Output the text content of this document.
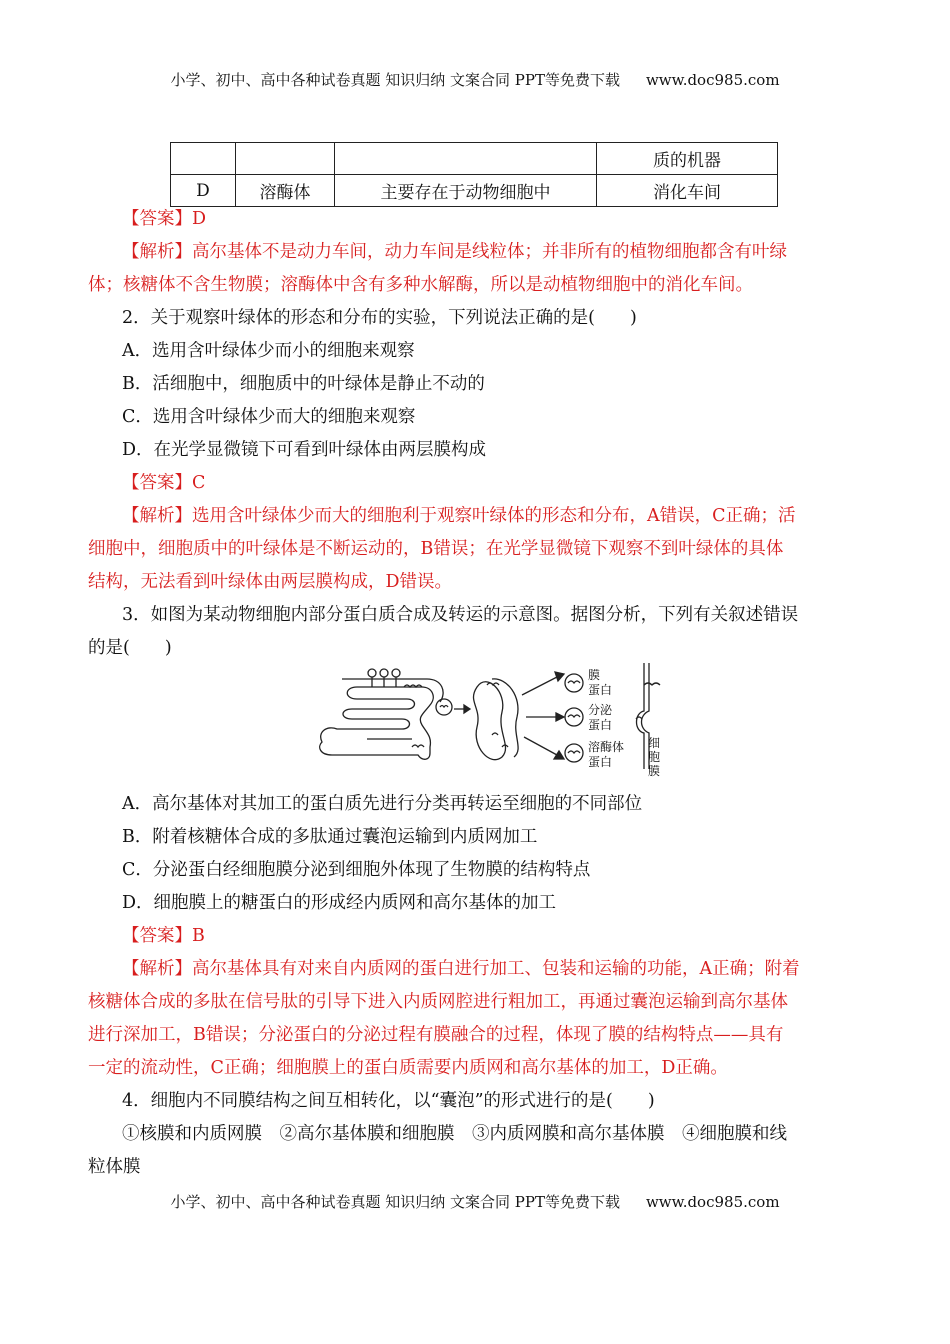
小学、初中、高中各种试卷真题 知识归纳 文案合同 PPT等免费下载 www.doc985.com
			质的机器
D	溶酶体	主要存在于动物细胞中	消化车间
【答案】D
【解析】高尔基体不是动力车间，动力车间是线粒体；并非所有的植物细胞都含有叶绿
体；核糖体不含生物膜；溶酶体中含有多种水解酶，所以是动植物细胞中的消化车间。
2．关于观察叶绿体的形态和分布的实验，下列说法正确的是(　　)
A．选用含叶绿体少而小的细胞来观察
B．活细胞中，细胞质中的叶绿体是静止不动的
C．选用含叶绿体少而大的细胞来观察
D．在光学显微镜下可看到叶绿体由两层膜构成
【答案】C
【解析】选用含叶绿体少而大的细胞利于观察叶绿体的形态和分布，A错误，C正确；活
细胞中，细胞质中的叶绿体是不断运动的，B错误；在光学显微镜下观察不到叶绿体的具体
结构，无法看到叶绿体由两层膜构成，D错误。
3．如图为某动物细胞内部分蛋白质合成及转运的示意图。据图分析，下列有关叙述错误
的是(　　)
膜
蛋白
分泌
蛋白
溶酶体
蛋白
细
胞
膜
A．高尔基体对其加工的蛋白质先进行分类再转运至细胞的不同部位
B．附着核糖体合成的多肽通过囊泡运输到内质网加工
C．分泌蛋白经细胞膜分泌到细胞外体现了生物膜的结构特点
D．细胞膜上的糖蛋白的形成经内质网和高尔基体的加工
【答案】B
【解析】高尔基体具有对来自内质网的蛋白进行加工、包装和运输的功能，A正确；附着
核糖体合成的多肽在信号肽的引导下进入内质网腔进行粗加工，再通过囊泡运输到高尔基体
进行深加工，B错误；分泌蛋白的分泌过程有膜融合的过程，体现了膜的结构特点——具有
一定的流动性，C正确；细胞膜上的蛋白质需要内质网和高尔基体的加工，D正确。
4．细胞内不同膜结构之间互相转化，以“囊泡”的形式进行的是(　　)
①核膜和内质网膜　②高尔基体膜和细胞膜　③内质网膜和高尔基体膜　④细胞膜和线
粒体膜
小学、初中、高中各种试卷真题 知识归纳 文案合同 PPT等免费下载 www.doc985.com
